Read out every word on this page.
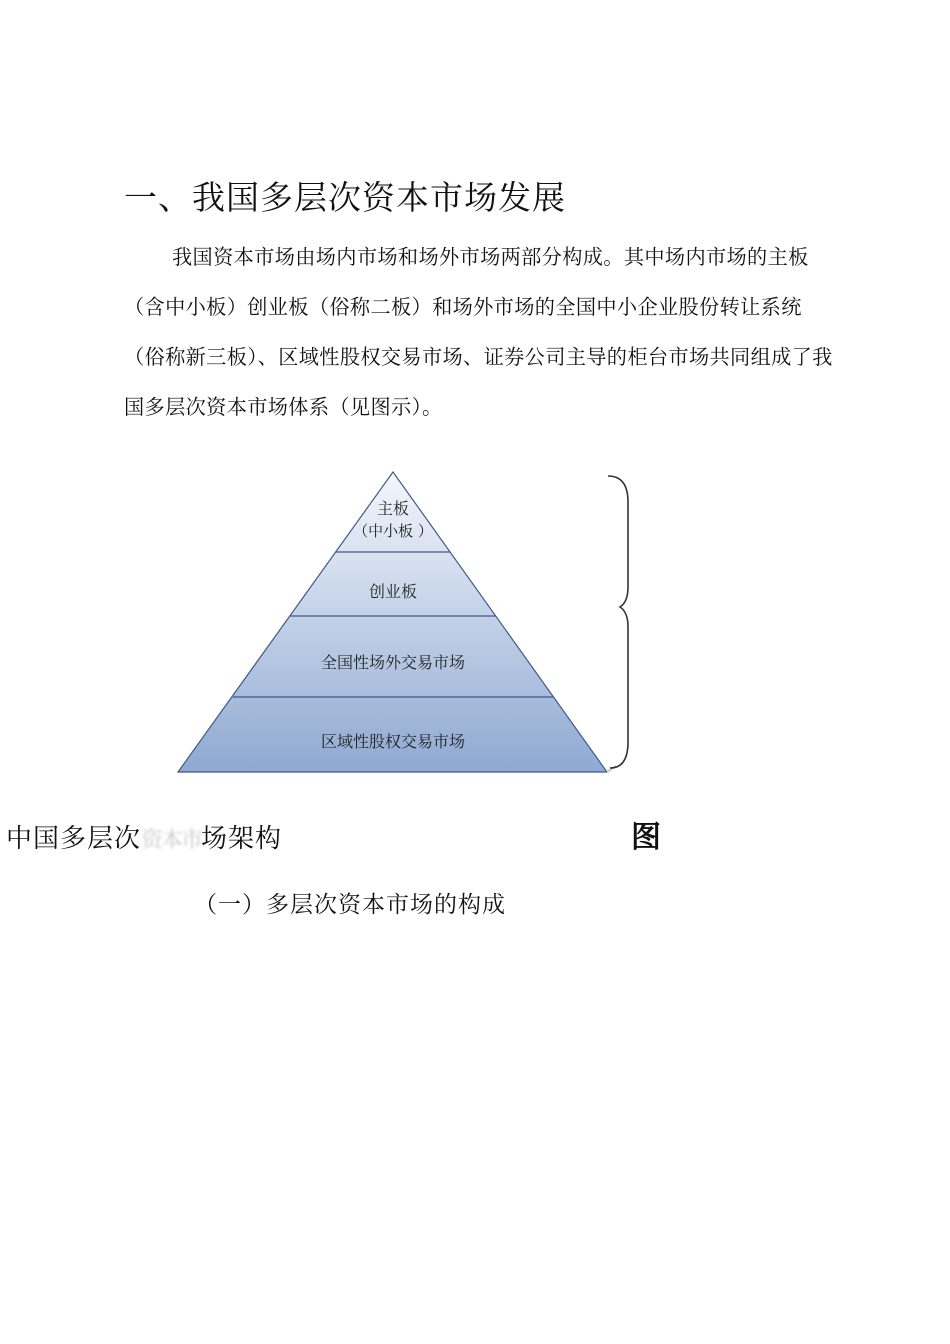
一、我国多层次资本市场发展
我国资本市场由场内市场和场外市场两部分构成。其中场内市场的主板（含中小板）创业板（俗称二板）和场外市场的全国中小企业股份转让系统（俗称新三板）、区域性股权交易市场、证券公司主导的柜台市场共同组成了我国多层次资本市场体系（见图示）。
主板
（中小板 ）
创业板
全国性场外交易市场
区域性股权交易市场
中国多层次资本市场架构	图
（一）多层次资本市场的构成
